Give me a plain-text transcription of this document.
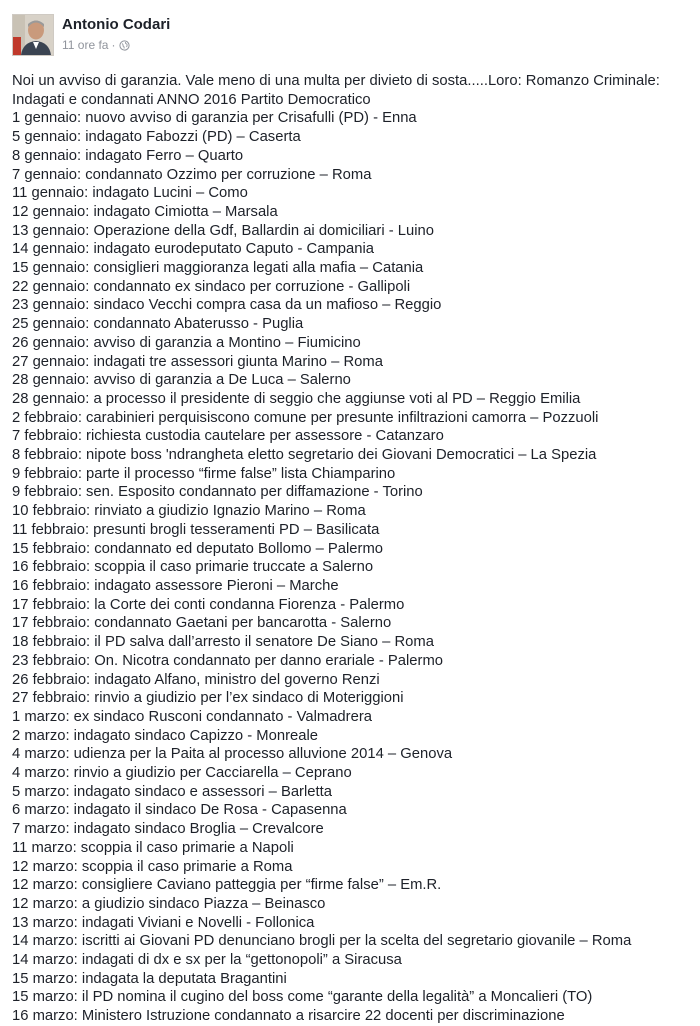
Antonio Codari
11 ore fa ·

Noi un avviso di garanzia. Vale meno di una multa per divieto di sosta.....Loro: Romanzo Criminale:

Indagati e condannati ANNO 2016 Partito Democratico

1 gennaio: nuovo avviso di garanzia per Crisafulli (PD) - Enna

5 gennaio: indagato Fabozzi (PD) – Caserta

8 gennaio: indagato Ferro – Quarto

7 gennaio: condannato Ozzimo per corruzione – Roma

11 gennaio: indagato Lucini – Como

12 gennaio: indagato Cimiotta – Marsala

13 gennaio: Operazione della Gdf, Ballardin ai domiciliari - Luino

14 gennaio: indagato eurodeputato Caputo - Campania

15 gennaio: consiglieri maggioranza legati alla mafia – Catania

22 gennaio: condannato ex sindaco per corruzione - Gallipoli

23 gennaio: sindaco Vecchi compra casa da un mafioso – Reggio

25 gennaio: condannato Abaterusso - Puglia

26 gennaio: avviso di garanzia a Montino – Fiumicino

27 gennaio: indagati tre assessori giunta Marino – Roma

28 gennaio: avviso di garanzia a De Luca – Salerno

28 gennaio: a processo il presidente di seggio che aggiunse voti al PD – Reggio Emilia

2 febbraio: carabinieri perquisiscono comune per presunte infiltrazioni camorra – Pozzuoli

7 febbraio: richiesta custodia cautelare per assessore - Catanzaro

8 febbraio: nipote boss 'ndrangheta eletto segretario dei Giovani Democratici – La Spezia

9 febbraio: parte il processo “firme false” lista Chiamparino

9 febbraio: sen. Esposito condannato per diffamazione - Torino

10 febbraio: rinviato a giudizio Ignazio Marino – Roma

11 febbraio: presunti brogli tesseramenti PD – Basilicata

15 febbraio: condannato ed deputato Bollomo – Palermo

16 febbraio: scoppia il caso primarie truccate a Salerno

16 febbraio: indagato assessore Pieroni – Marche

17 febbraio: la Corte dei conti condanna Fiorenza - Palermo

17 febbraio: condannato Gaetani per bancarotta - Salerno

18 febbraio: il PD salva dall’arresto il senatore De Siano – Roma

23 febbraio: On. Nicotra condannato per danno erariale - Palermo

26 febbraio: indagato Alfano, ministro del governo Renzi

27 febbraio: rinvio a giudizio per l’ex sindaco di Moteriggioni

1 marzo: ex sindaco Rusconi condannato - Valmadrera

2 marzo: indagato sindaco Capizzo - Monreale

4 marzo: udienza per la Paita al processo alluvione 2014 – Genova

4 marzo: rinvio a giudizio per Cacciarella – Ceprano

5 marzo: indagato sindaco e assessori – Barletta

6 marzo: indagato il sindaco De Rosa - Capasenna

7 marzo: indagato sindaco Broglia – Crevalcore

11 marzo: scoppia il caso primarie a Napoli

12 marzo: scoppia il caso primarie a Roma

12 marzo: consigliere Caviano patteggia per “firme false” – Em.R.

12 marzo: a giudizio sindaco Piazza – Beinasco

13 marzo: indagati Viviani e Novelli - Follonica

14 marzo: iscritti ai Giovani PD denunciano brogli per la scelta del segretario giovanile – Roma

14 marzo: indagati di dx e sx per la “gettonopoli” a Siracusa

15 marzo: indagata la deputata Bragantini

15 marzo: il PD nomina il cugino del boss come “garante della legalità” a Moncalieri (TO)

16 marzo: Ministero Istruzione condannato a risarcire 22 docenti per discriminazione
